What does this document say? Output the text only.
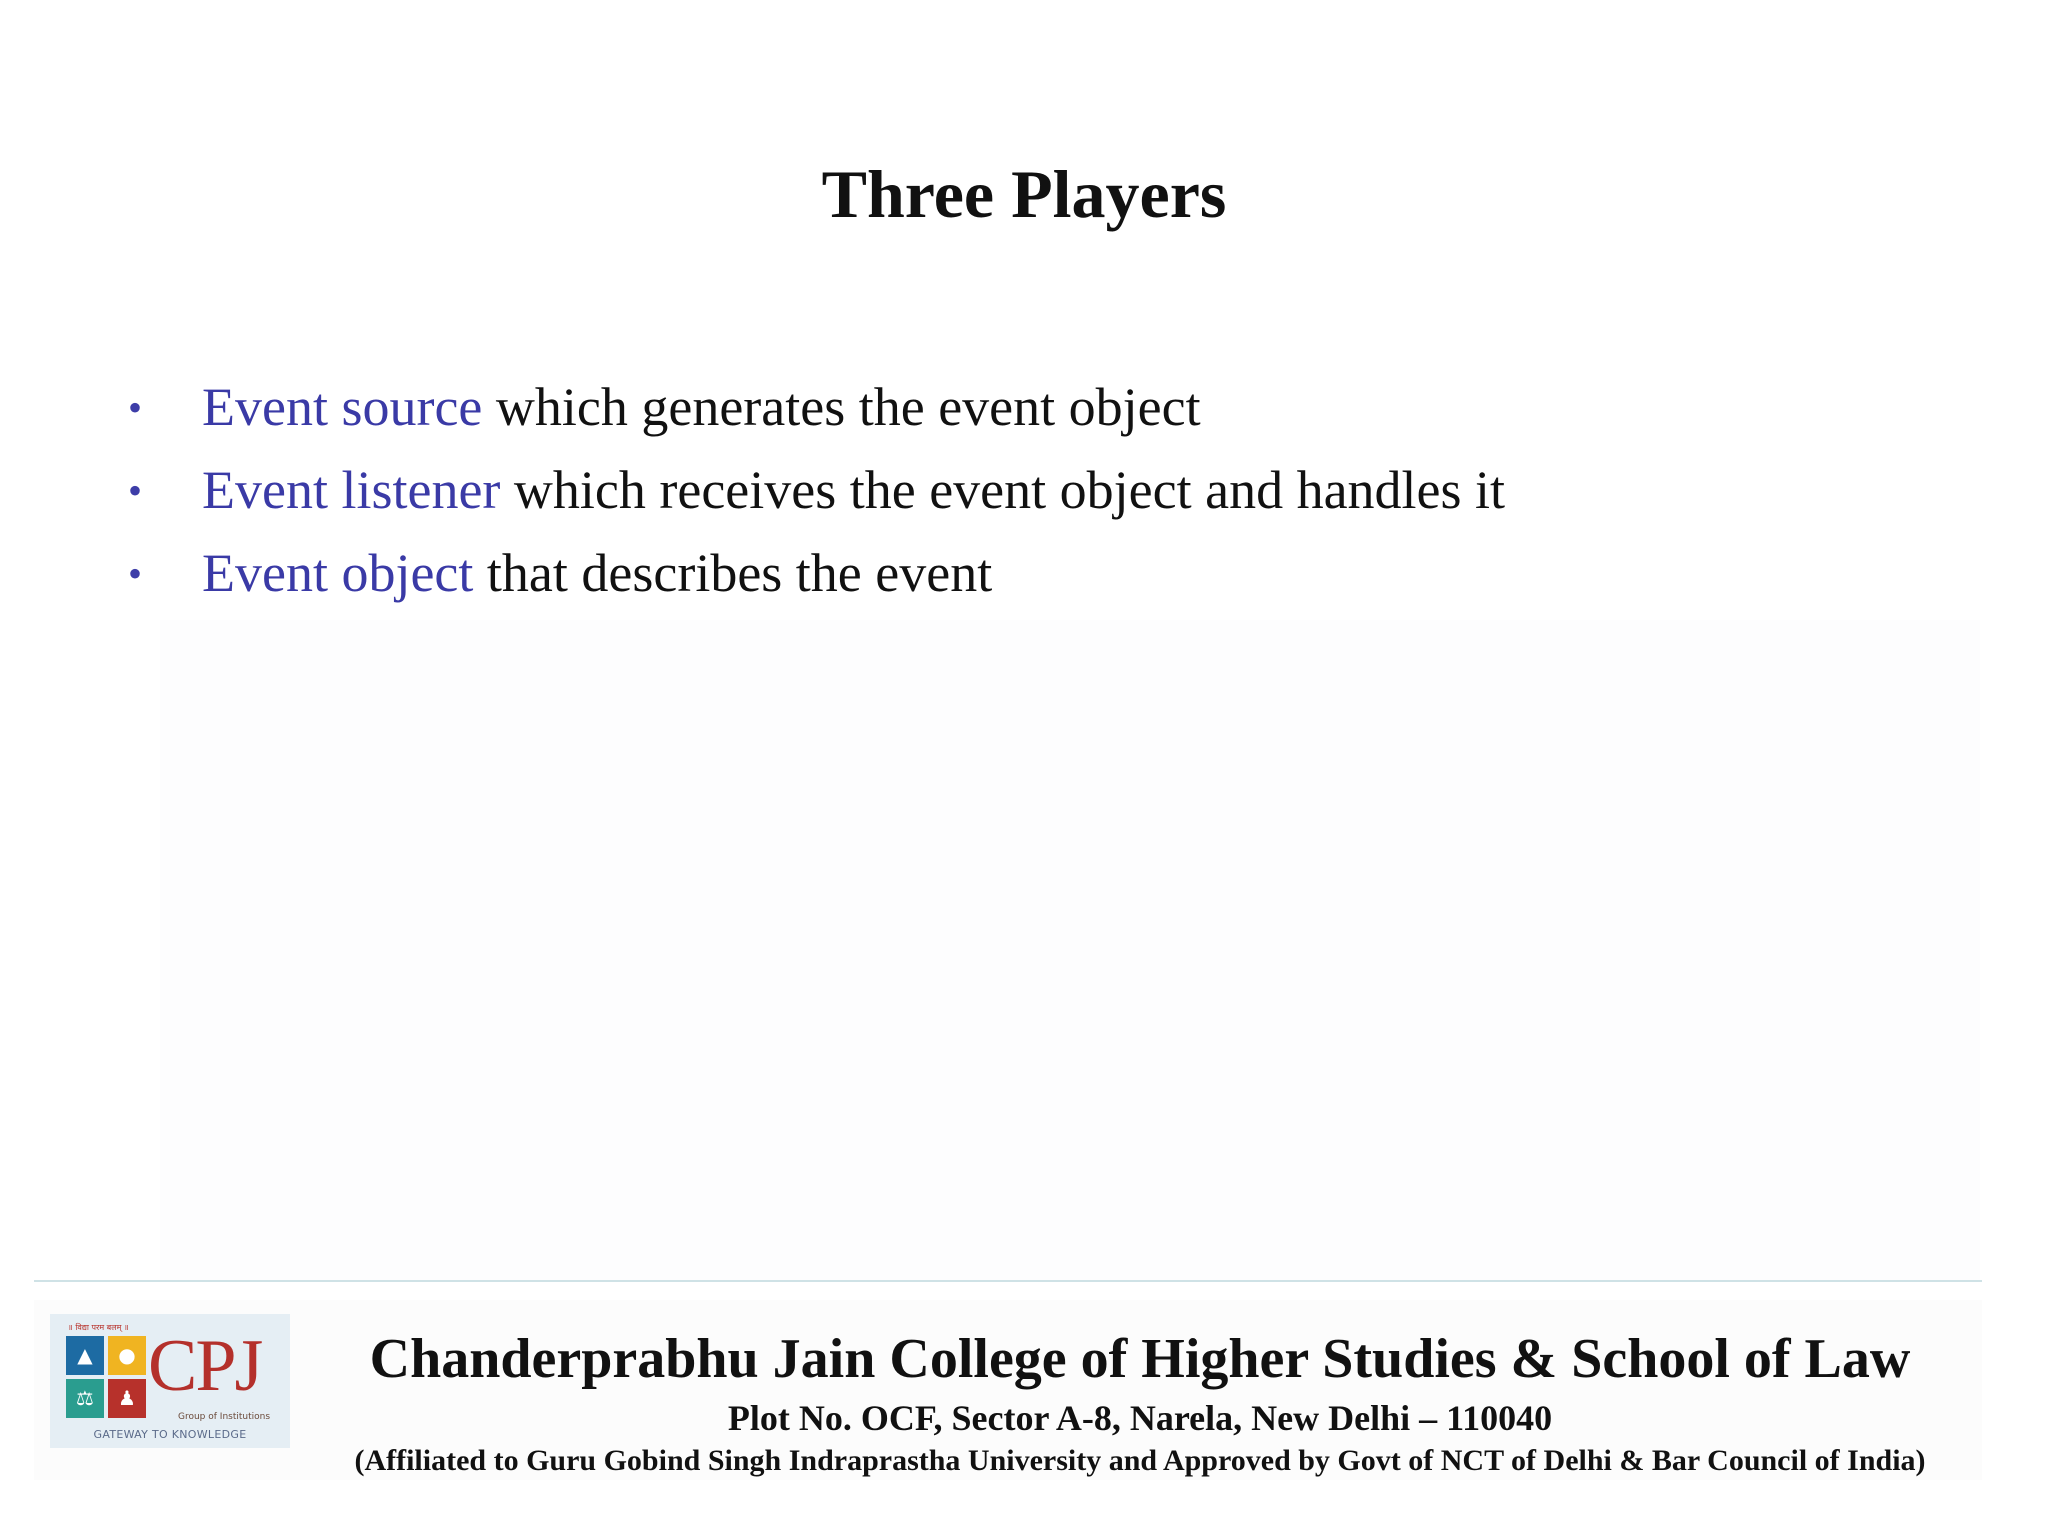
Three Players
• Event source which generates the event object
• Event listener which receives the event object and handles it
• Event object that describes the event
॥ विद्या परम बलम् ॥
▲	●
⚖	♟ CPJ
Group of Institutions
GATEWAY TO KNOWLEDGE
Chanderprabhu Jain College of Higher Studies & School of Law
Plot No. OCF, Sector A-8, Narela, New Delhi – 110040
(Affiliated to Guru Gobind Singh Indraprastha University and Approved by Govt of NCT of Delhi & Bar Council of India)
